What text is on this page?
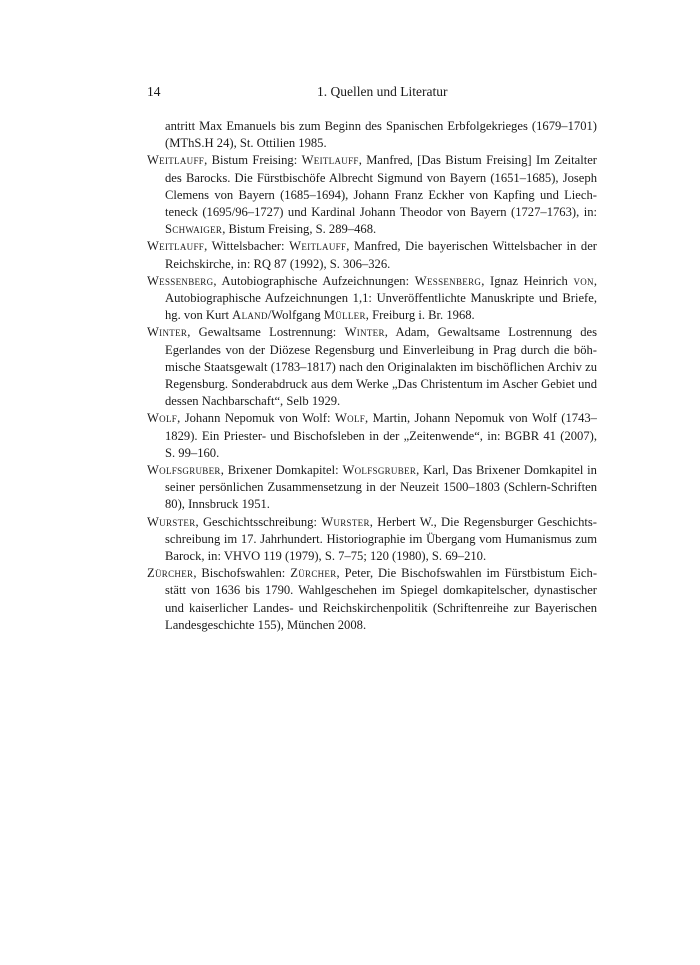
14	1. Quellen und Literatur

antritt Max Emanuels bis zum Beginn des Spanischen Erbfolgekrieges (1679–1701) (MThS.H 24), St. Ottilien 1985.

Weitlauff, Bistum Freising: Weitlauff, Manfred, [Das Bistum Freising] Im Zeitalter des Barocks. Die Fürstbischöfe Albrecht Sigmund von Bayern (1651–1685), Joseph Clemens von Bayern (1685–1694), Johann Franz Eckher von Kapfing und Liechteneck (1695/96–1727) und Kardinal Johann Theodor von Bayern (1727–1763), in: Schwaiger, Bistum Freising, S. 289–468.

Weitlauff, Wittelsbacher: Weitlauff, Manfred, Die bayerischen Wittelsbacher in der Reichskirche, in: RQ 87 (1992), S. 306–326.

Wessenberg, Autobiographische Aufzeichnungen: Wessenberg, Ignaz Heinrich von, Autobiographische Aufzeichnungen 1,1: Unveröffentlichte Manuskripte und Briefe, hg. von Kurt Aland/Wolfgang Müller, Freiburg i. Br. 1968.

Winter, Gewaltsame Lostrennung: Winter, Adam, Gewaltsame Lostrennung des Egerlandes von der Diözese Regensburg und Einverleibung in Prag durch die böhmische Staatsgewalt (1783–1817) nach den Originalakten im bischöflichen Archiv zu Regensburg. Sonderabdruck aus dem Werke „Das Christentum im Ascher Gebiet und dessen Nachbarschaft“, Selb 1929.

Wolf, Johann Nepomuk von Wolf: Wolf, Martin, Johann Nepomuk von Wolf (1743–1829). Ein Priester- und Bischofsleben in der „Zeitenwende“, in: BGBR 41 (2007), S. 99–160.

Wolfsgruber, Brixener Domkapitel: Wolfsgruber, Karl, Das Brixener Domkapitel in seiner persönlichen Zusammensetzung in der Neuzeit 1500–1803 (Schlern-Schriften 80), Innsbruck 1951.

Wurster, Geschichtsschreibung: Wurster, Herbert W., Die Regensburger Geschichtsschreibung im 17. Jahrhundert. Historiographie im Übergang vom Humanismus zum Barock, in: VHVO 119 (1979), S. 7–75; 120 (1980), S. 69–210.

Zürcher, Bischofswahlen: Zürcher, Peter, Die Bischofswahlen im Fürstbistum Eichstätt von 1636 bis 1790. Wahlgeschehen im Spiegel domkapitelscher, dynastischer und kaiserlicher Landes- und Reichskirchenpolitik (Schriftenreihe zur Bayerischen Landesgeschichte 155), München 2008.
